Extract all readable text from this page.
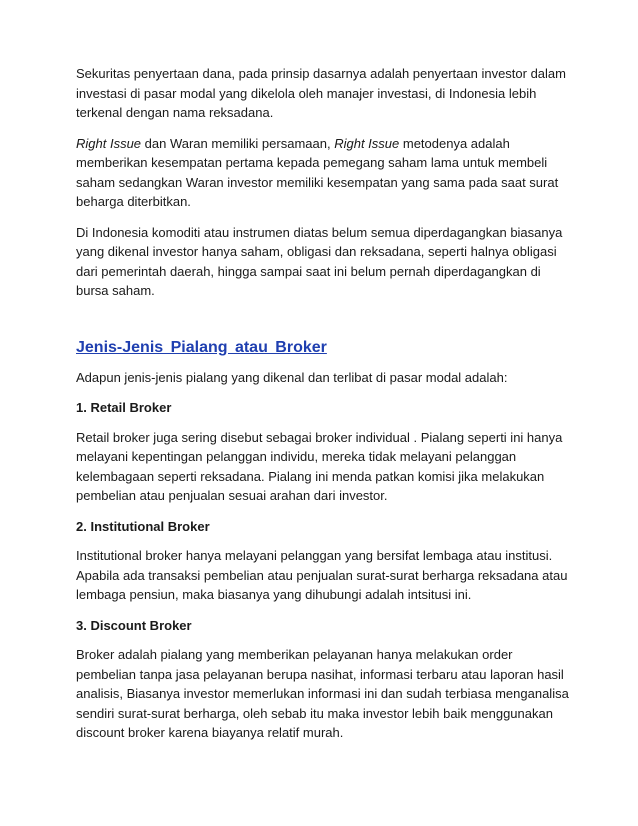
Sekuritas penyertaan dana, pada prinsip dasarnya adalah penyertaan investor dalam investasi di pasar modal yang dikelola oleh manajer investasi, di Indonesia lebih terkenal dengan nama reksadana.

Right Issue dan Waran memiliki persamaan, Right Issue metodenya adalah memberikan kesempatan pertama kepada pemegang saham lama untuk membeli saham sedangkan Waran investor memiliki kesempatan yang sama pada saat surat beharga diterbitkan.

Di Indonesia komoditi atau instrumen diatas belum semua diperdagangkan biasanya yang dikenal investor hanya saham, obligasi dan reksadana, seperti halnya obligasi dari pemerintah daerah, hingga sampai saat ini belum pernah diperdagangkan di bursa saham.

Jenis-Jenis Pialang atau Broker

Adapun jenis-jenis pialang yang dikenal dan terlibat di pasar modal adalah:

1. Retail Broker

Retail broker juga sering disebut sebagai broker individual . Pialang seperti ini hanya melayani kepentingan pelanggan individu, mereka tidak melayani pelanggan kelembagaan seperti reksadana. Pialang ini menda patkan komisi jika melakukan pembelian atau penjualan sesuai arahan dari investor.

2. Institutional Broker

Institutional broker hanya melayani pelanggan yang bersifat lembaga atau institusi. Apabila ada transaksi pembelian atau penjualan surat-surat berharga reksadana atau lembaga pensiun, maka biasanya yang dihubungi adalah intsitusi ini.

3. Discount Broker

Broker adalah pialang yang memberikan pelayanan hanya melakukan order pembelian tanpa jasa pelayanan berupa nasihat, informasi terbaru atau laporan hasil analisis, Biasanya investor memerlukan informasi ini dan sudah terbiasa menganalisa sendiri surat-surat berharga, oleh sebab itu maka investor lebih baik menggunakan discount broker karena biayanya relatif murah.
